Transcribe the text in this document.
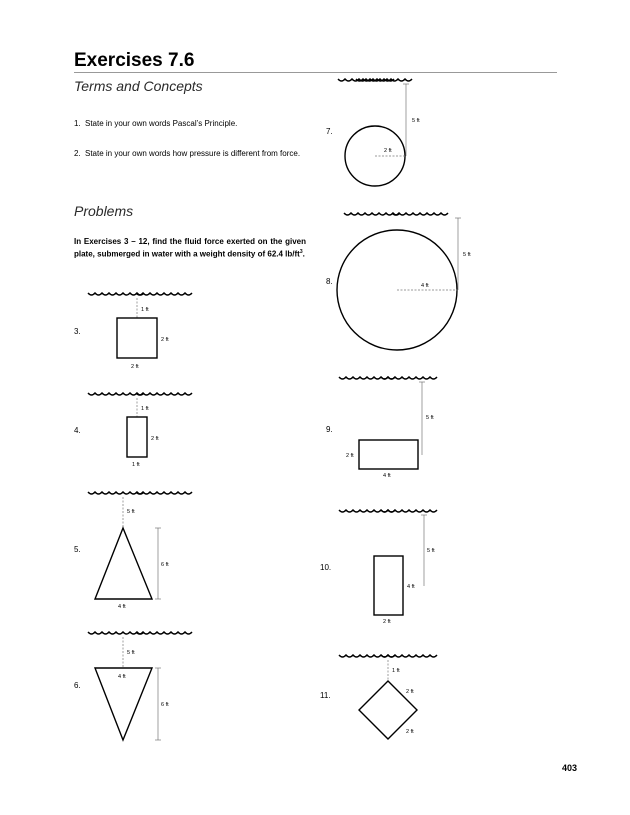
Exercises 7.6
Terms and Concepts
1. State in your own words Pascal’s Principle.
2. State in your own words how pressure is different from force.
Problems
In Exercises 3 – 12, find the fluid force exerted on the given plate, submerged in water with a weight density of 62.4 $lb/ft^3$.
3.
4.
5.
6.
7.
8.
9.
10.
11.
403
1 ft
2 ft
2 ft
1 ft
2 ft
1 ft
5 ft
6 ft
4 ft
5 ft
4 ft
6 ft
5 ft
2 ft
5 ft
4 ft
5 ft
2 ft
4 ft
5 ft
4 ft
2 ft
1 ft
2 ft
2 ft
